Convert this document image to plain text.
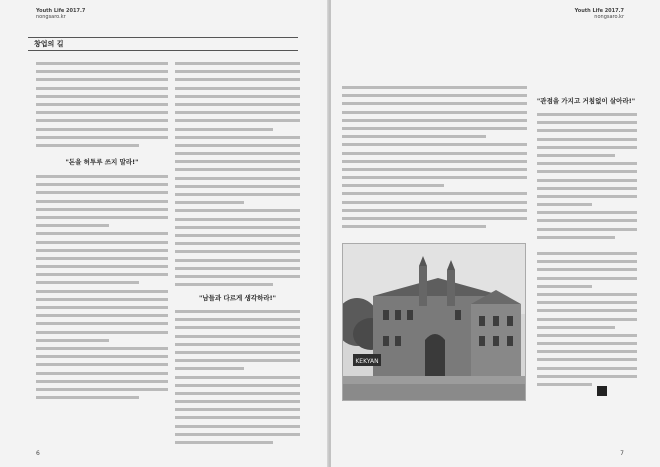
Youth Life 2017.7
nongsaro.kr
창업의 길
"돈을 허투루 쓰지 말라!"
"남들과 다르게 생각하라!"
6
Youth Life 2017.7
nongsaro.kr
"관점을 가지고 거침없이 살아라!"
7
KEKYAN
